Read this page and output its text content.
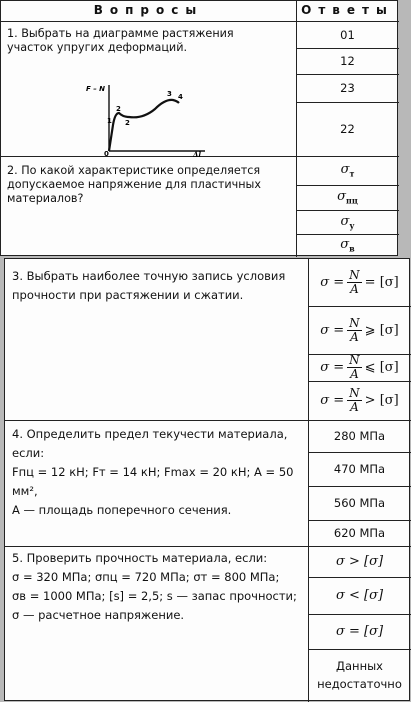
Вопросы	Ответы
1. Выбрать на диаграмме растяжения участок упругих деформаций.
01
12
23
22
F – N
Δl
0
1
2
2
3 4
2. По какой характеристике определяется допускаемое напряжение для пластичных материалов?
$\sigma_т$
$\sigma_{пц}$
$\sigma_у$
$\sigma_в$
3. Выбрать наиболее точную запись условия прочности при растяжении и сжатии.
$\sigma = \frac{N}{A} = [\sigma]$
$\sigma = \frac{N}{A}$ ⩾ [σ]
$\sigma = \frac{N}{A}$ ⩽ [σ]
$\sigma = \frac{N}{A} > [\sigma]$
4. Определить предел текучести материала, если:
Fпц = 12 кН; Fт = 14 кН; Fmax = 20 кН; A = 50 мм²,
A — площадь поперечного сечения.
280 МПа
470 МПа
560 МПа
620 МПа
5. Проверить прочность материала, если:
σ = 320 МПа; σпц = 720 МПа; σт = 800 МПа;
σв = 1000 МПа; [s] = 2,5; s — запас прочности;
σ — расчетное напряжение.
σ > [σ]
σ < [σ]
σ = [σ]
Данных
недостаточно
